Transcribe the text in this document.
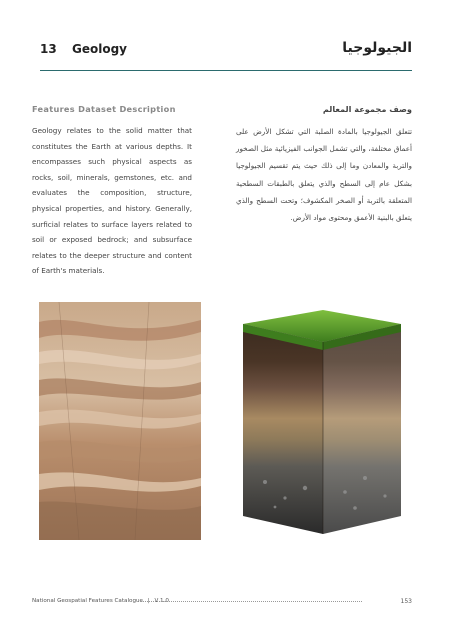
13 Geology	الجيولوجيا
Features Dataset Description	وصف مجموعة المعالم
Geology relates to the solid matter that constitutes the Earth at various depths. It encompasses such physical aspects as rocks, soil, minerals, gemstones, etc. and evaluates the composition, structure, physical properties, and history. Generally, surficial relates to surface layers related to soil or exposed bedrock; and subsurface relates to the deeper structure and content of Earth's materials.
تتعلق الجيولوجيا بالمادة الصلبة التي تشكل الأرض على أعماق مختلفة، والتي تشمل الجوانب الفيزيائية مثل الصخور والتربة والمعادن وما إلى ذلك حيث يتم تقسيم الجيولوجيا بشكل عام إلى السطح والذي يتعلق بالطبقات السطحية المتعلقة بالتربة أو الصخر المكشوف؛ وتحت السطح والذي يتعلق بالبنية الأعمق ومحتوى مواد الأرض.
National Geospatial Features Catalogue | V 1.0	153
